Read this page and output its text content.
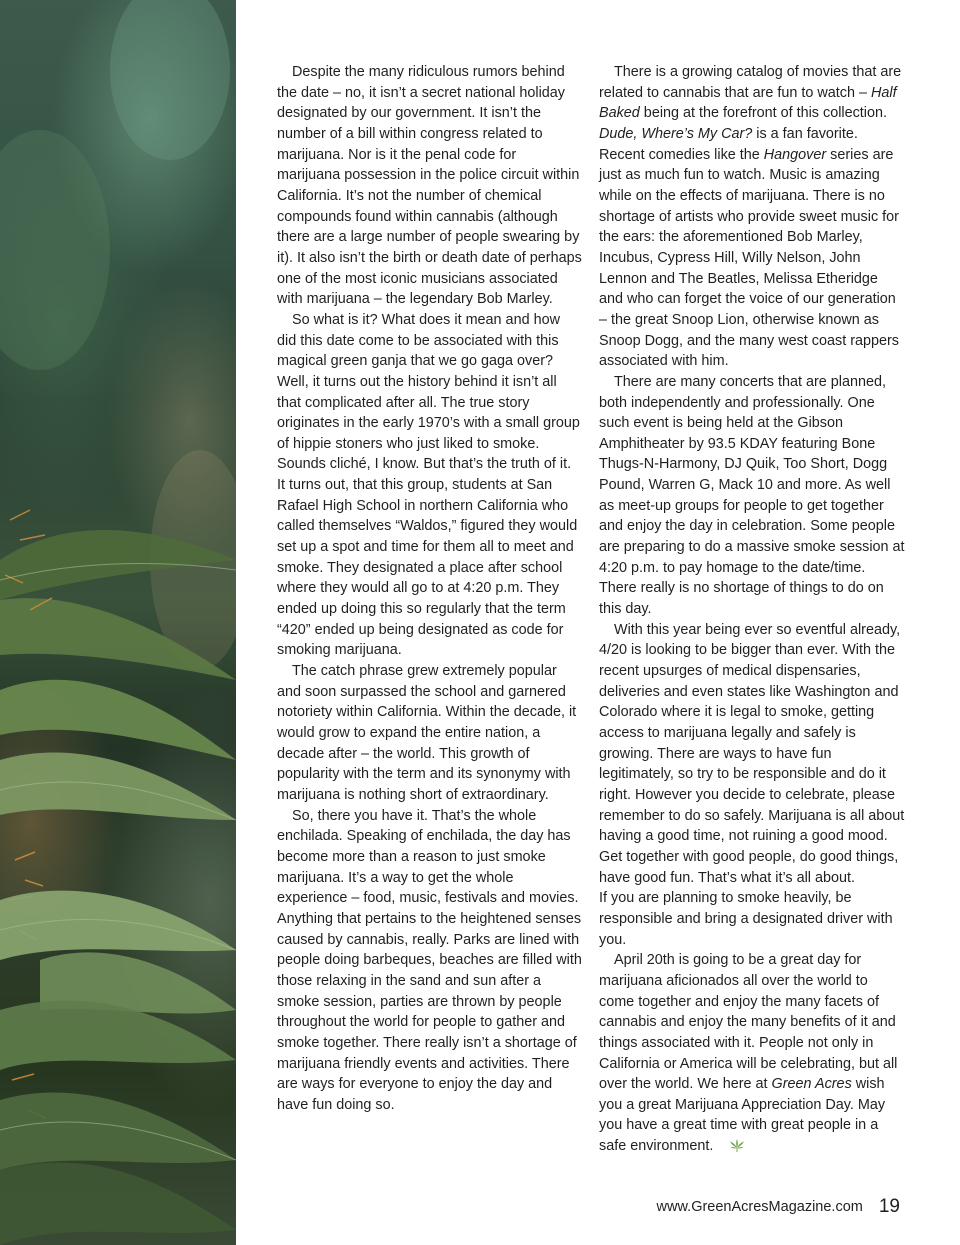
Despite the many ridiculous rumors behind the date – no, it isn’t a secret national holiday designated by our government. It isn’t the number of a bill within congress related to marijuana. Nor is it the penal code for marijuana possession in the police circuit within California. It’s not the number of chemical compounds found within cannabis (although there are a large number of people swearing by it). It also isn’t the birth or death date of perhaps one of the most iconic musicians associated with marijuana – the legendary Bob Marley.

So what is it? What does it mean and how did this date come to be associated with this magical green ganja that we go gaga over? Well, it turns out the history behind it isn’t all that complicated after all. The true story originates in the early 1970’s with a small group of hippie stoners who just liked to smoke. Sounds cliché, I know. But that’s the truth of it. It turns out, that this group, students at San Rafael High School in northern California who called themselves “Waldos,” figured they would set up a spot and time for them all to meet and smoke. They designated a place after school where they would all go to at 4:20 p.m. They ended up doing this so regularly that the term “420” ended up being designated as code for smoking marijuana.

The catch phrase grew extremely popular and soon surpassed the school and garnered notoriety within California. Within the decade, it would grow to expand the entire nation, a decade after – the world. This growth of popularity with the term and its synonymy with marijuana is nothing short of extraordinary.

So, there you have it. That’s the whole enchilada. Speaking of enchilada, the day has become more than a reason to just smoke marijuana. It’s a way to get the whole experience – food, music, festivals and movies. Anything that pertains to the heightened senses caused by cannabis, really. Parks are lined with people doing barbeques, beaches are filled with those relaxing in the sand and sun after a smoke session, parties are thrown by people throughout the world for people to gather and smoke together. There really isn’t a shortage of marijuana friendly events and activities. There are ways for everyone to enjoy the day and have fun doing so.

There is a growing catalog of movies that are related to cannabis that are fun to watch – Half Baked being at the forefront of this collection. Dude, Where’s My Car? is a fan favorite. Recent comedies like the Hangover series are just as much fun to watch. Music is amazing while on the effects of marijuana. There is no shortage of artists who provide sweet music for the ears: the aforementioned Bob Marley, Incubus, Cypress Hill, Willy Nelson, John Lennon and The Beatles, Melissa Etheridge and who can forget the voice of our generation – the great Snoop Lion, otherwise known as Snoop Dogg, and the many west coast rappers associated with him.

There are many concerts that are planned, both independently and professionally. One such event is being held at the Gibson Amphitheater by 93.5 KDAY featuring Bone Thugs-N-Harmony, DJ Quik, Too Short, Dogg Pound, Warren G, Mack 10 and more. As well as meet-up groups for people to get together and enjoy the day in celebration. Some people are preparing to do a massive smoke session at 4:20 p.m. to pay homage to the date/time. There really is no shortage of things to do on this day.

With this year being ever so eventful already, 4/20 is looking to be bigger than ever. With the recent upsurges of medical dispensaries, deliveries and even states like Washington and Colorado where it is legal to smoke, getting access to marijuana legally and safely is growing. There are ways to have fun legitimately, so try to be responsible and do it right. However you decide to celebrate, please remember to do so safely. Marijuana is all about having a good time, not ruining a good mood. Get together with good people, do good things, have good fun. That’s what it’s all about.

If you are planning to smoke heavily, be responsible and bring a designated driver with you.

April 20th is going to be a great day for marijuana aficionados all over the world to come together and enjoy the many facets of cannabis and enjoy the many benefits of it and things associated with it. People not only in California or America will be celebrating, but all over the world. We here at Green Acres wish you a great Marijuana Appreciation Day. May you have a great time with great people in a safe environment.

www.GreenAcresMagazine.com 19
